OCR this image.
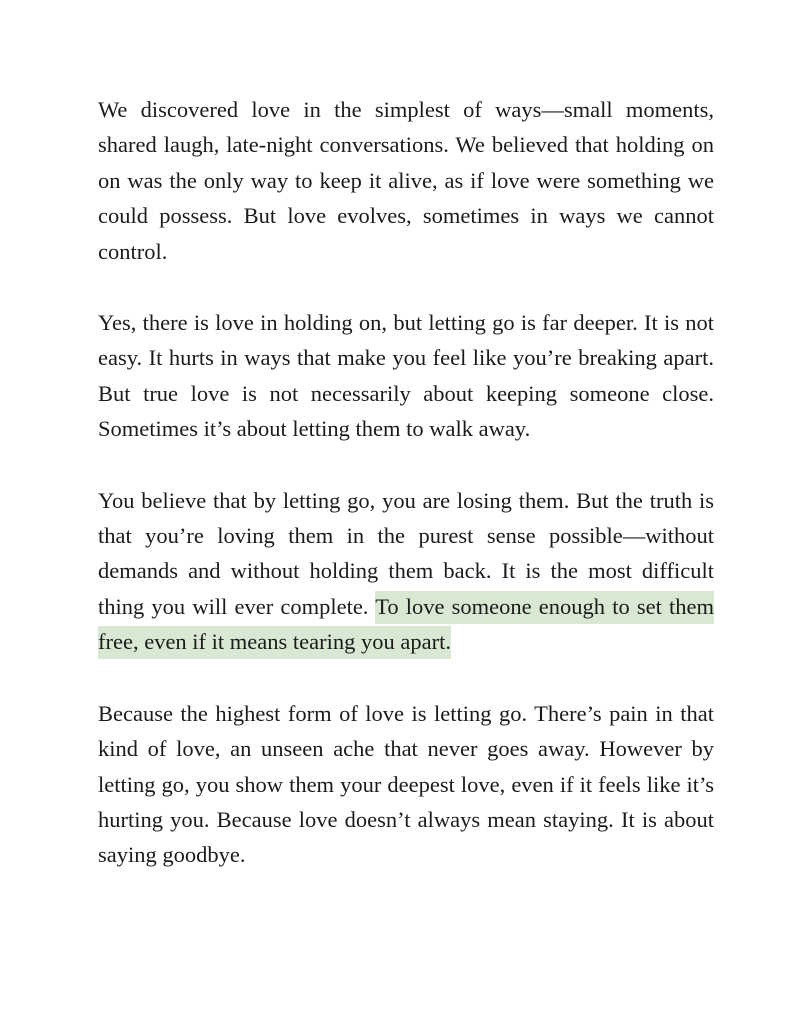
We discovered love in the simplest of ways—small moments, shared laugh, late-night conversations. We believed that holding on on was the only way to keep it alive, as if love were something we could possess. But love evolves, sometimes in ways we cannot control.

Yes, there is love in holding on, but letting go is far deeper. It is not easy. It hurts in ways that make you feel like you’re breaking apart. But true love is not necessarily about keeping someone close. Sometimes it’s about letting them to walk away.

You believe that by letting go, you are losing them. But the truth is that you’re loving them in the purest sense possible—without demands and without holding them back. It is the most difficult thing you will ever complete. To love someone enough to set them free, even if it means tearing you apart.

Because the highest form of love is letting go. There’s pain in that kind of love, an unseen ache that never goes away. However by letting go, you show them your deepest love, even if it feels like it’s hurting you. Because love doesn’t always mean staying. It is about saying goodbye.
